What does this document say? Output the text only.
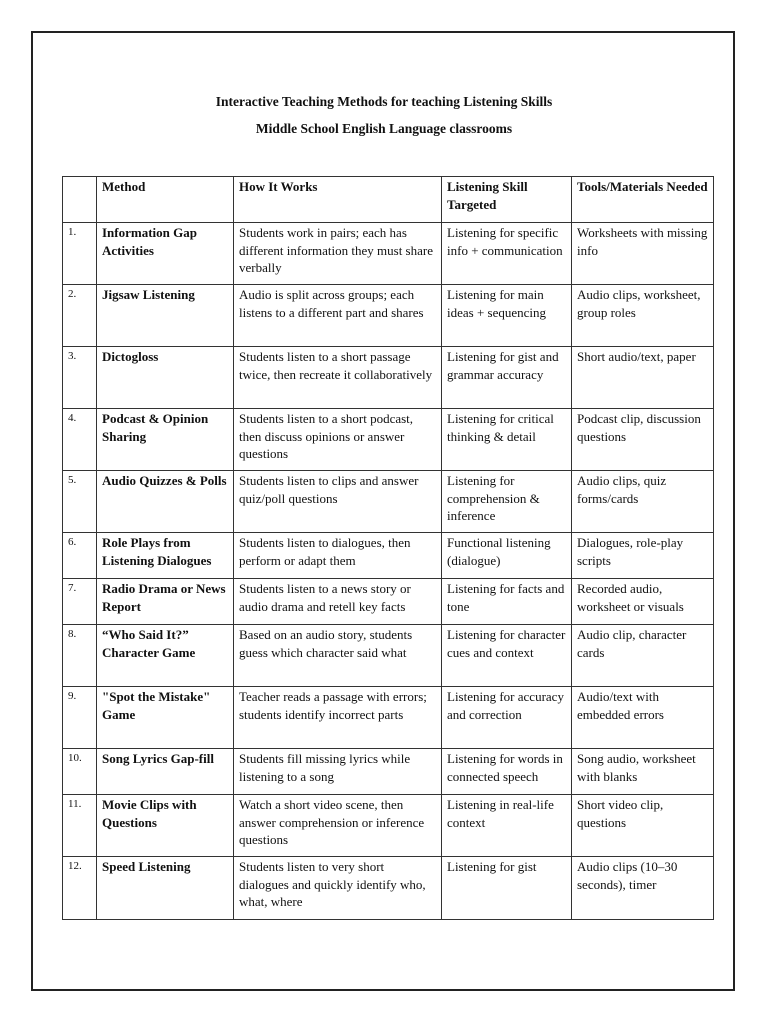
Interactive Teaching Methods for teaching Listening Skills
Middle School English Language classrooms
	Method	How It Works	Listening Skill Targeted	Tools/Materials Needed
1.	Information Gap Activities	Students work in pairs; each has different information they must share verbally	Listening for specific info + communication	Worksheets with missing info
2.	Jigsaw Listening	Audio is split across groups; each listens to a different part and shares	Listening for main ideas + sequencing	Audio clips, worksheet, group roles
3.	Dictogloss	Students listen to a short passage twice, then recreate it collaboratively	Listening for gist and grammar accuracy	Short audio/text, paper
4.	Podcast & Opinion Sharing	Students listen to a short podcast, then discuss opinions or answer questions	Listening for critical thinking & detail	Podcast clip, discussion questions
5.	Audio Quizzes & Polls	Students listen to clips and answer quiz/poll questions	Listening for comprehension & inference	Audio clips, quiz forms/cards
6.	Role Plays from Listening Dialogues	Students listen to dialogues, then perform or adapt them	Functional listening (dialogue)	Dialogues, role-play scripts
7.	Radio Drama or News Report	Students listen to a news story or audio drama and retell key facts	Listening for facts and tone	Recorded audio, worksheet or visuals
8.	“Who Said It?” Character Game	Based on an audio story, students guess which character said what	Listening for character cues and context	Audio clip, character cards
9.	"Spot the Mistake" Game	Teacher reads a passage with errors; students identify incorrect parts	Listening for accuracy and correction	Audio/text with embedded errors
10.	Song Lyrics Gap-fill	Students fill missing lyrics while listening to a song	Listening for words in connected speech	Song audio, worksheet with blanks
11.	Movie Clips with Questions	Watch a short video scene, then answer comprehension or inference questions	Listening in real-life context	Short video clip, questions
12.	Speed Listening	Students listen to very short dialogues and quickly identify who, what, where	Listening for gist	Audio clips (10–30 seconds), timer
